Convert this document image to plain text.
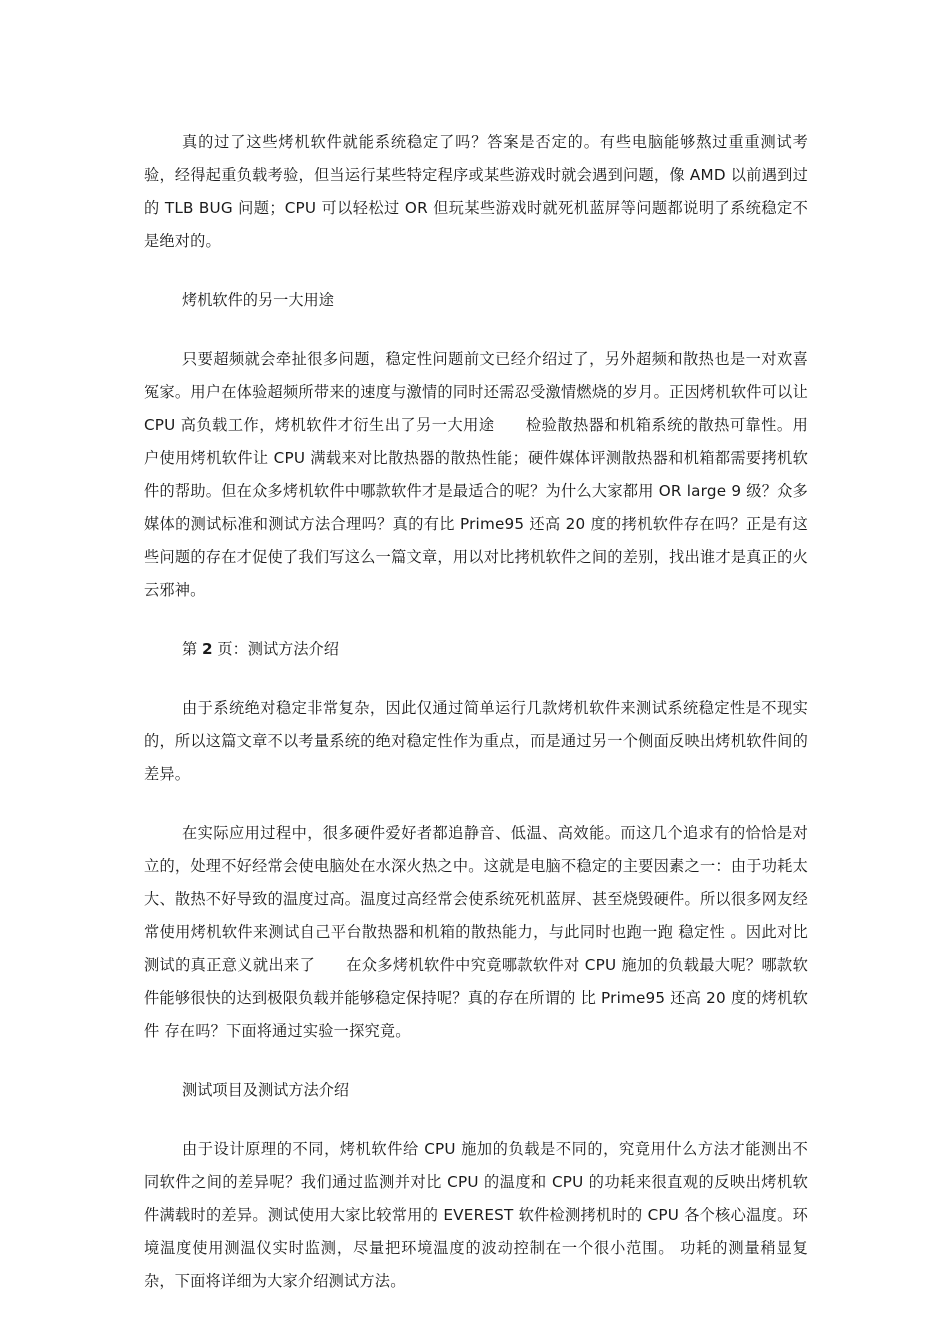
真的过了这些烤机软件就能系统稳定了吗？答案是否定的。有些电脑能够熬过重重测试考验，经得起重负载考验，但当运行某些特定程序或某些游戏时就会遇到问题，像 AMD 以前遇到过的 TLB BUG 问题；CPU 可以轻松过 OR 但玩某些游戏时就死机蓝屏等问题都说明了系统稳定不是绝对的。

烤机软件的另一大用途

只要超频就会牵扯很多问题，稳定性问题前文已经介绍过了，另外超频和散热也是一对欢喜冤家。用户在体验超频所带来的速度与激情的同时还需忍受激情燃烧的岁月。正因烤机软件可以让 CPU 高负载工作，烤机软件才衍生出了另一大用途　　检验散热器和机箱系统的散热可靠性。用户使用烤机软件让 CPU 满载来对比散热器的散热性能；硬件媒体评测散热器和机箱都需要拷机软件的帮助。但在众多烤机软件中哪款软件才是最适合的呢？为什么大家都用 OR large 9 级？众多媒体的测试标准和测试方法合理吗？真的有比 Prime95 还高 20 度的拷机软件存在吗？正是有这些问题的存在才促使了我们写这么一篇文章，用以对比拷机软件之间的差别，找出谁才是真正的火云邪神。

第 2 页：测试方法介绍

由于系统绝对稳定非常复杂，因此仅通过简单运行几款烤机软件来测试系统稳定性是不现实的，所以这篇文章不以考量系统的绝对稳定性作为重点，而是通过另一个侧面反映出烤机软件间的差异。

在实际应用过程中，很多硬件爱好者都追静音、低温、高效能。而这几个追求有的恰恰是对立的，处理不好经常会使电脑处在水深火热之中。这就是电脑不稳定的主要因素之一：由于功耗太大、散热不好导致的温度过高。温度过高经常会使系统死机蓝屏、甚至烧毁硬件。所以很多网友经常使用烤机软件来测试自己平台散热器和机箱的散热能力，与此同时也跑一跑 稳定性 。因此对比测试的真正意义就出来了　　在众多烤机软件中究竟哪款软件对 CPU 施加的负载最大呢？哪款软件能够很快的达到极限负载并能够稳定保持呢？真的存在所谓的 比 Prime95 还高 20 度的烤机软件 存在吗？下面将通过实验一探究竟。

测试项目及测试方法介绍

由于设计原理的不同，烤机软件给 CPU 施加的负载是不同的，究竟用什么方法才能测出不同软件之间的差异呢？我们通过监测并对比 CPU 的温度和 CPU 的功耗来很直观的反映出烤机软件满载时的差异。测试使用大家比较常用的 EVEREST 软件检测拷机时的 CPU 各个核心温度。环境温度使用测温仪实时监测，尽量把环境温度的波动控制在一个很小范围。 功耗的测量稍显复杂，下面将详细为大家介绍测试方法。
